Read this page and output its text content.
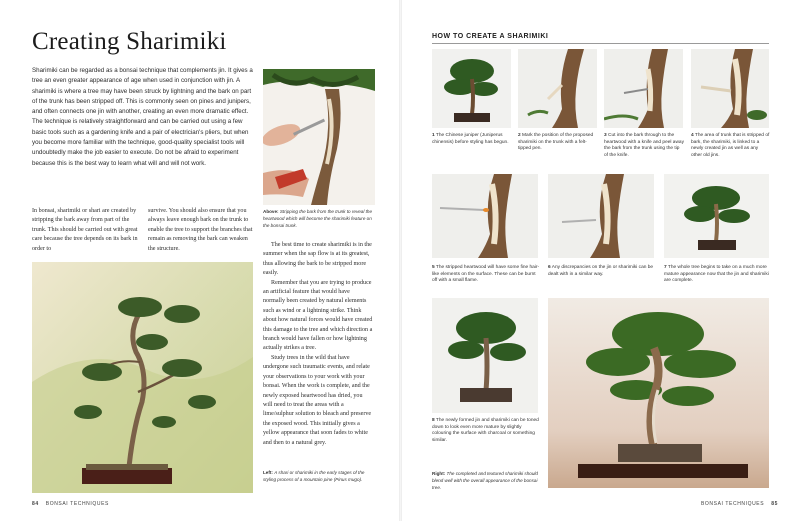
Creating Sharimiki
Sharimiki can be regarded as a bonsai technique that complements jin. It gives a tree an even greater appearance of age when used in conjunction with jin. A sharimiki is where a tree may have been struck by lightning and the bark on part of the trunk has been stripped off. This is commonly seen on pines and junipers, and often connects one jin with another, creating an even more dramatic effect. The technique is relatively straightforward and can be carried out using a few basic tools such as a gardening knife and a pair of electrician's pliers, but when you become more familiar with the technique, good-quality specialist tools will undoubtedly make the job easier to execute. Do not be afraid to experiment because this is the best way to learn what will and will not work.
Above: Stripping the bark from the trunk to reveal the heartwood which will become the sharimiki feature on the bonsai trunk.
In bonsai, sharimiki or shari are created by stripping the bark away from part of the trunk. This should be carried out with great care because the tree depends on its bark in order to
survive. You should also ensure that you always leave enough bark on the trunk to enable the tree to support the branches that remain as removing the bark can weaken the structure.

The best time to create sharimiki is in the summer when the sap flow is at its greatest, thus allowing the bark to be stripped more easily.

Remember that you are trying to produce an artificial feature that would have normally been created by natural elements such as wind or a lightning strike. Think about how natural forces would have created this damage to the tree and which direction a branch would have fallen or how lightning actually strikes a tree.

Study trees in the wild that have undergone such traumatic events, and relate your observations to your work with your bonsai. When the work is complete, and the newly exposed heartwood has dried, you will need to treat the areas with a lime/sulphur solution to bleach and preserve the exposed wood. This initially gives a yellow appearance that soon fades to white and then to a natural grey.

Left: A shari or sharimiki in the early stages of the styling process of a mountain pine (Pinus mugo).
84 BONSAI TECHNIQUES
HOW TO CREATE A SHARIMIKI
1 The Chinese juniper (Juniperus chinensis) before styling has begun.
2 Mark the position of the proposed sharimiki on the trunk with a felt-tipped pen.
3 Cut into the bark through to the heartwood with a knife and peel away the bark from the trunk using the tip of the knife.
4 The area of trunk that is stripped of bark, the sharimiki, is linked to a newly created jin as well as any other old jins.
5 The stripped heartwood will have some fine hair-like elements on the surface. These can be burnt off with a small flame.
6 Any discrepancies on the jin or sharimiki can be dealt with in a similar way.
7 The whole tree begins to take on a much more mature appearance now that the jin and sharimiki are complete.
8 The newly formed jin and sharimiki can be toned down to look even more mature by slightly colouring the surface with charcoal or something similar.
Right: The completed and textured sharimiki should blend well with the overall appearance of the bonsai tree.
BONSAI TECHNIQUES 85
